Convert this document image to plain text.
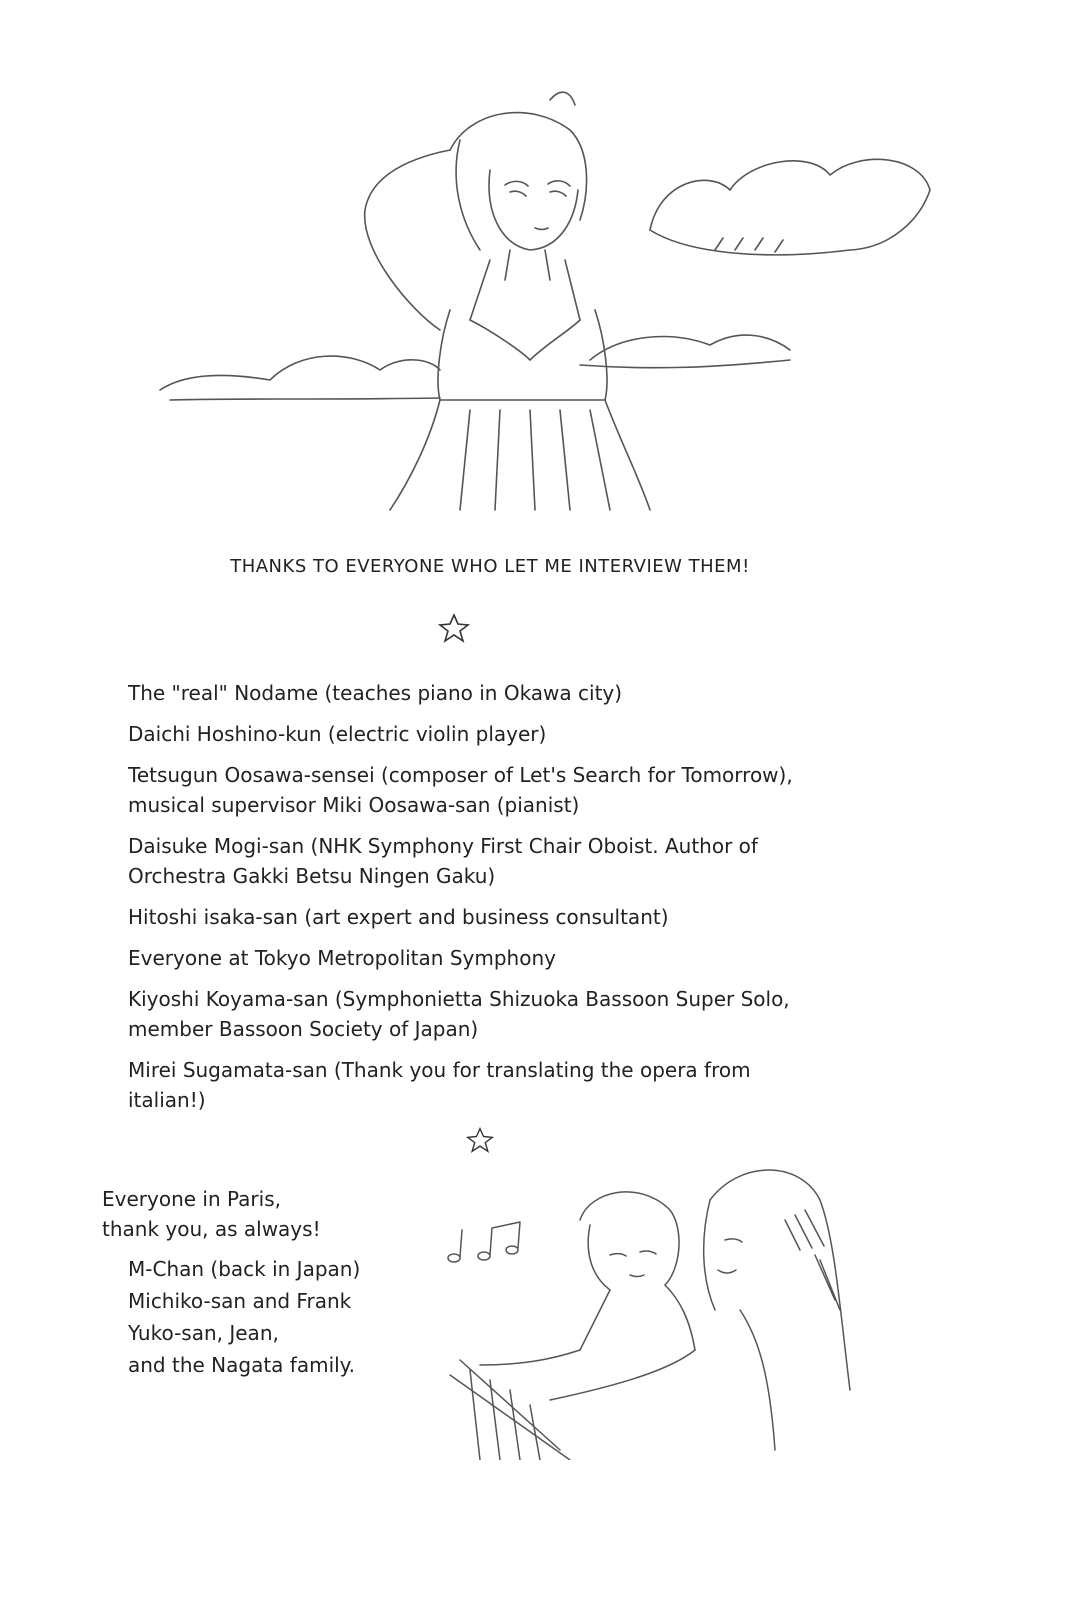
THANKS TO EVERYONE WHO LET ME INTERVIEW THEM!
The "real" Nodame (teaches piano in Okawa city)
Daichi Hoshino-kun (electric violin player)
Tetsugun Oosawa-sensei (composer of Let's Search for Tomorrow),
musical supervisor Miki Oosawa-san (pianist)
Daisuke Mogi-san (NHK Symphony First Chair Oboist. Author of
Orchestra Gakki Betsu Ningen Gaku)
Hitoshi isaka-san (art expert and business consultant)
Everyone at Tokyo Metropolitan Symphony
Kiyoshi Koyama-san (Symphonietta Shizuoka Bassoon Super Solo,
member Bassoon Society of Japan)
Mirei Sugamata-san (Thank you for translating the opera from italian!)
Everyone in Paris,
thank you, as always!
M-Chan (back in Japan)
Michiko-san and Frank
Yuko-san, Jean,
and the Nagata family.
